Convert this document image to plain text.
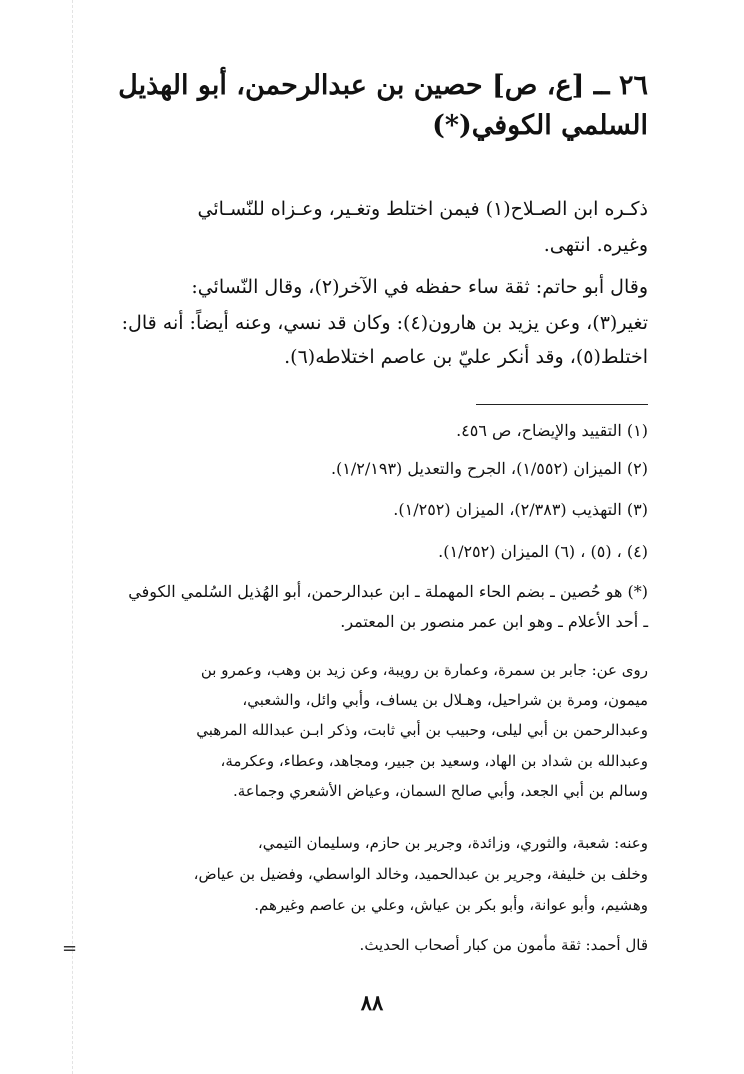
٢٦ ــ [ع، ص] حصين بن عبدالرحمن، أبو الهذيل
السلمي الكوفي(*)
ذكـره ابن الصـلاح(١) فيمن اختلط وتغـير، وعـزاه للنّسـائي
وغيره. انتهى.
وقال أبو حاتم: ثقة ساء حفظه في الآخر(٢)، وقال النّسائي:
تغير(٣)، وعن يزيد بن هارون(٤): وكان قد نسي، وعنه أيضاً: أنه قال:
اختلط(٥)، وقد أنكر عليّ بن عاصم اختلاطه(٦).
(١) التقييد والإيضاح، ص ٤٥٦.
(٢) الميزان (١/٥٥٢)، الجرح والتعديل (١/٢/١٩٣).
(٣) التهذيب (٢/٣٨٣)، الميزان (١/٢٥٢).
(٤) ، (٥) ، (٦) الميزان (١/٢٥٢).
(*) هو حُصين ـ بضم الحاء المهملة ـ ابن عبدالرحمن، أبو الهُذيل السُلمي الكوفي
ـ أحد الأعلام ـ وهو ابن عمر منصور بن المعتمر.
روى عن: جابر بن سمرة، وعمارة بن رويبة، وعن زيد بن وهب، وعمرو بن
ميمون، ومرة بن شراحيل، وهـلال بن يساف، وأبي وائل، والشعبي،
وعبدالرحمن بن أبي ليلى، وحبيب بن أبي ثابت، وذكر ابـن عبدالله المرهبي
وعبدالله بن شداد بن الهاد، وسعيد بن جبير، ومجاهد، وعطاء، وعكرمة،
وسالم بن أبي الجعد، وأبي صالح السمان، وعياض الأشعري وجماعة.
وعنه: شعبة، والثوري، وزائدة، وجرير بن حازم، وسليمان التيمي،
وخلف بن خليفة، وجرير بن عبدالحميد، وخالد الواسطي، وفضيل بن عياض،
وهشيم، وأبو عوانة، وأبو بكر بن عياش، وعلي بن عاصم وغيرهم.
قال أحمد: ثقة مأمون من كبار أصحاب الحديث.
=
٨٨
